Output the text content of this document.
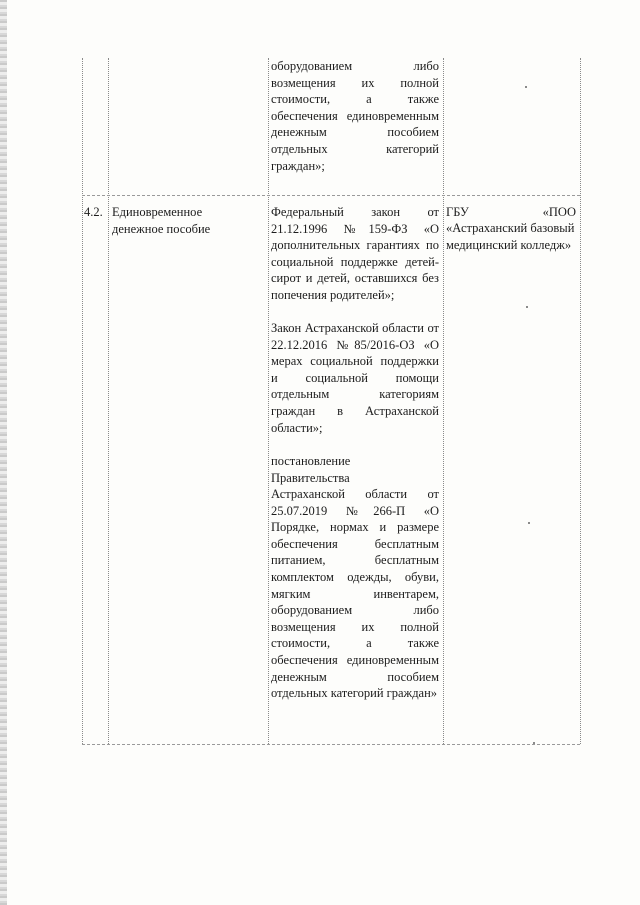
оборудованием либо возмещения их полной стоимости, а также обеспечения единовременным денежным пособием отдельных категорий граждан»;
4.2. Единовременное денежное пособие
Федеральный закон от 21.12.1996 №159-ФЗ «О дополнительных гарантиях по социальной поддержке детей-сирот и детей, оставшихся без попечения родителей»;
Закон Астраханской области от 22.12.2016 №85/2016-ОЗ «О мерах социальной поддержки и социальной помощи отдельным категориям граждан в Астраханской области»;
постановление
Правительства
Астраханской области от 25.07.2019 №266-П «О Порядке, нормах и размере обеспечения бесплатным питанием, бесплатным комплектом одежды, обуви, мягким инвентарем, оборудованием либо возмещения их полной стоимости, а также обеспечения единовременным денежным пособием отдельных категорий граждан»
ГБУ «ПОО
«Астраханский базовый медицинский колледж»
